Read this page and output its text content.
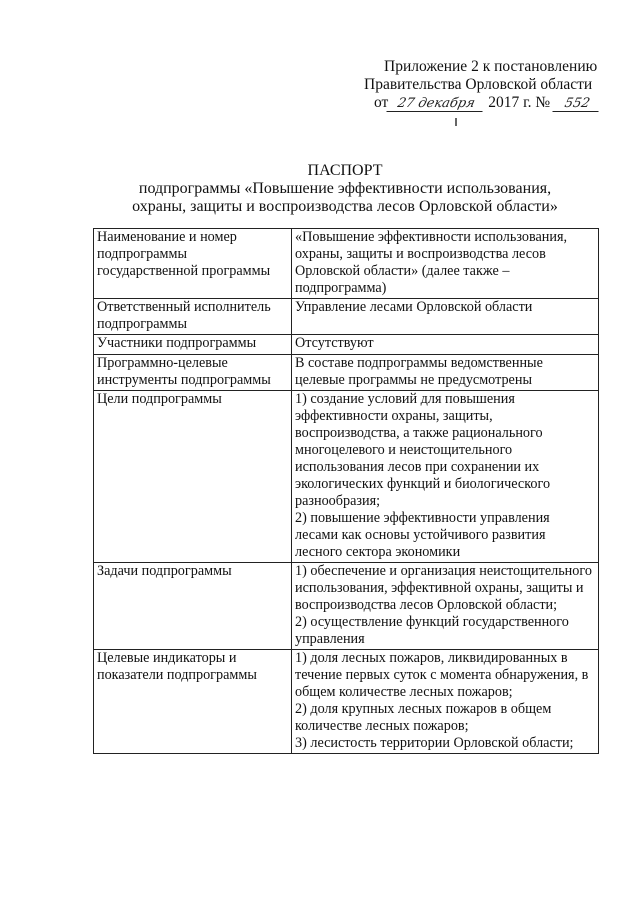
Приложение 2 к постановлению
Правительства Орловской области
от 27 декабря 2017 г. № 552
ПАСПОРТ
подпрограммы «Повышение эффективности использования,
охраны, защиты и воспроизводства лесов Орловской области»
Наименование и номер подпрограммы государственной программы	«Повышение эффективности использования, охраны, защиты и воспроизводства лесов Орловской области» (далее также – подпрограмма)
Ответственный исполнитель подпрограммы	Управление лесами Орловской области
Участники подпрограммы	Отсутствуют
Программно-целевые инструменты подпрограммы	В составе подпрограммы ведомственные целевые программы не предусмотрены
Цели подпрограммы	1) создание условий для повышения эффективности охраны, защиты, воспроизводства, а также рационального многоцелевого и неистощительного использования лесов при сохранении их экологических функций и биологического разнообразия;
2) повышение эффективности управления лесами как основы устойчивого развития лесного сектора экономики
Задачи подпрограммы	1) обеспечение и организация неистощительного использования, эффективной охраны, защиты и воспроизводства лесов Орловской области;
2) осуществление функций государственного управления
Целевые индикаторы и показатели подпрограммы	1) доля лесных пожаров, ликвидированных в течение первых суток с момента обнаружения, в общем количестве лесных пожаров;
2) доля крупных лесных пожаров в общем количестве лесных пожаров;
3) лесистость территории Орловской области;
